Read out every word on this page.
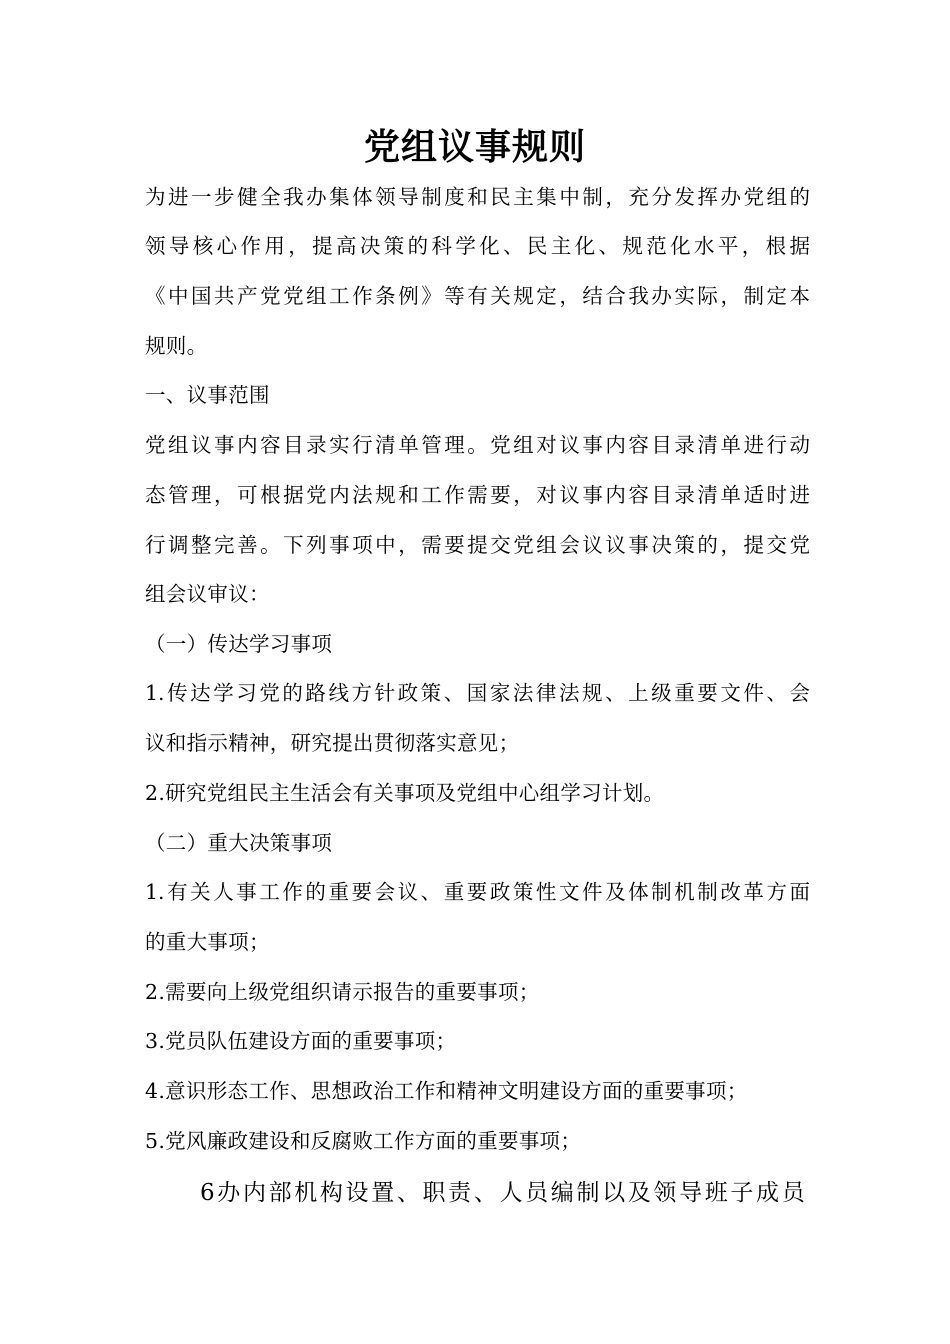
党组议事规则
为进一步健全我办集体领导制度和民主集中制，充分发挥办党组的
领导核心作用，提高决策的科学化、民主化、规范化水平，根据
《中国共产党党组工作条例》等有关规定，结合我办实际，制定本
规则。
一、议事范围
党组议事内容目录实行清单管理。党组对议事内容目录清单进行动
态管理，可根据党内法规和工作需要，对议事内容目录清单适时进
行调整完善。下列事项中，需要提交党组会议议事决策的，提交党
组会议审议：
（一）传达学习事项
1.传达学习党的路线方针政策、国家法律法规、上级重要文件、会
议和指示精神，研究提出贯彻落实意见；
2.研究党组民主生活会有关事项及党组中心组学习计划。
（二）重大决策事项
1.有关人事工作的重要会议、重要政策性文件及体制机制改革方面
的重大事项；
2.需要向上级党组织请示报告的重要事项；
3.党员队伍建设方面的重要事项；
4.意识形态工作、思想政治工作和精神文明建设方面的重要事项；
5.党风廉政建设和反腐败工作方面的重要事项；
6办内部机构设置、职责、人员编制以及领导班子成员
